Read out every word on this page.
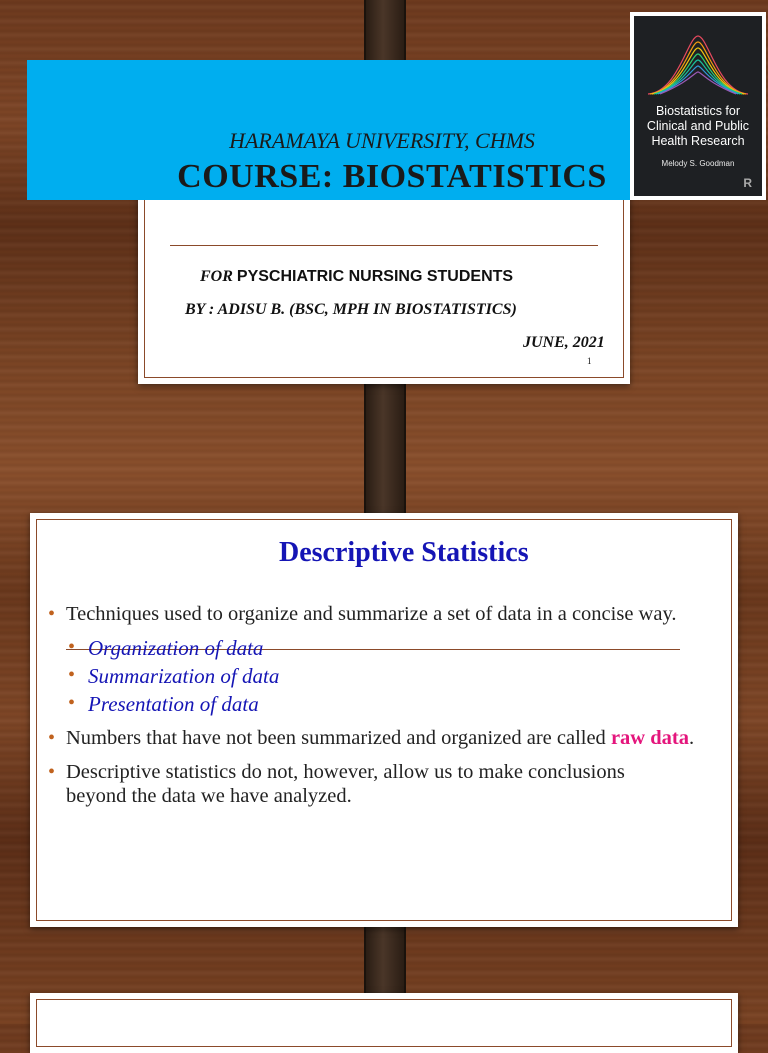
HARAMAYA UNIVERSITY, CHMS
COURSE: BIOSTATISTICS
Biostatistics for
Clinical and Public
Health Research
Melody S. Goodman
R
FOR PYSCHIATRIC NURSING STUDENTS
BY : ADISU B. (BSC, MPH IN BIOSTATISTICS)
JUNE, 2021
1
Descriptive Statistics
• Techniques used to organize and summarize a set of data in a concise way.
• Organization of data
• Summarization of data
• Presentation of data
• Numbers that have not been summarized and organized are called raw data.
• Descriptive statistics do not, however, allow us to make conclusions beyond the data we have analyzed.
